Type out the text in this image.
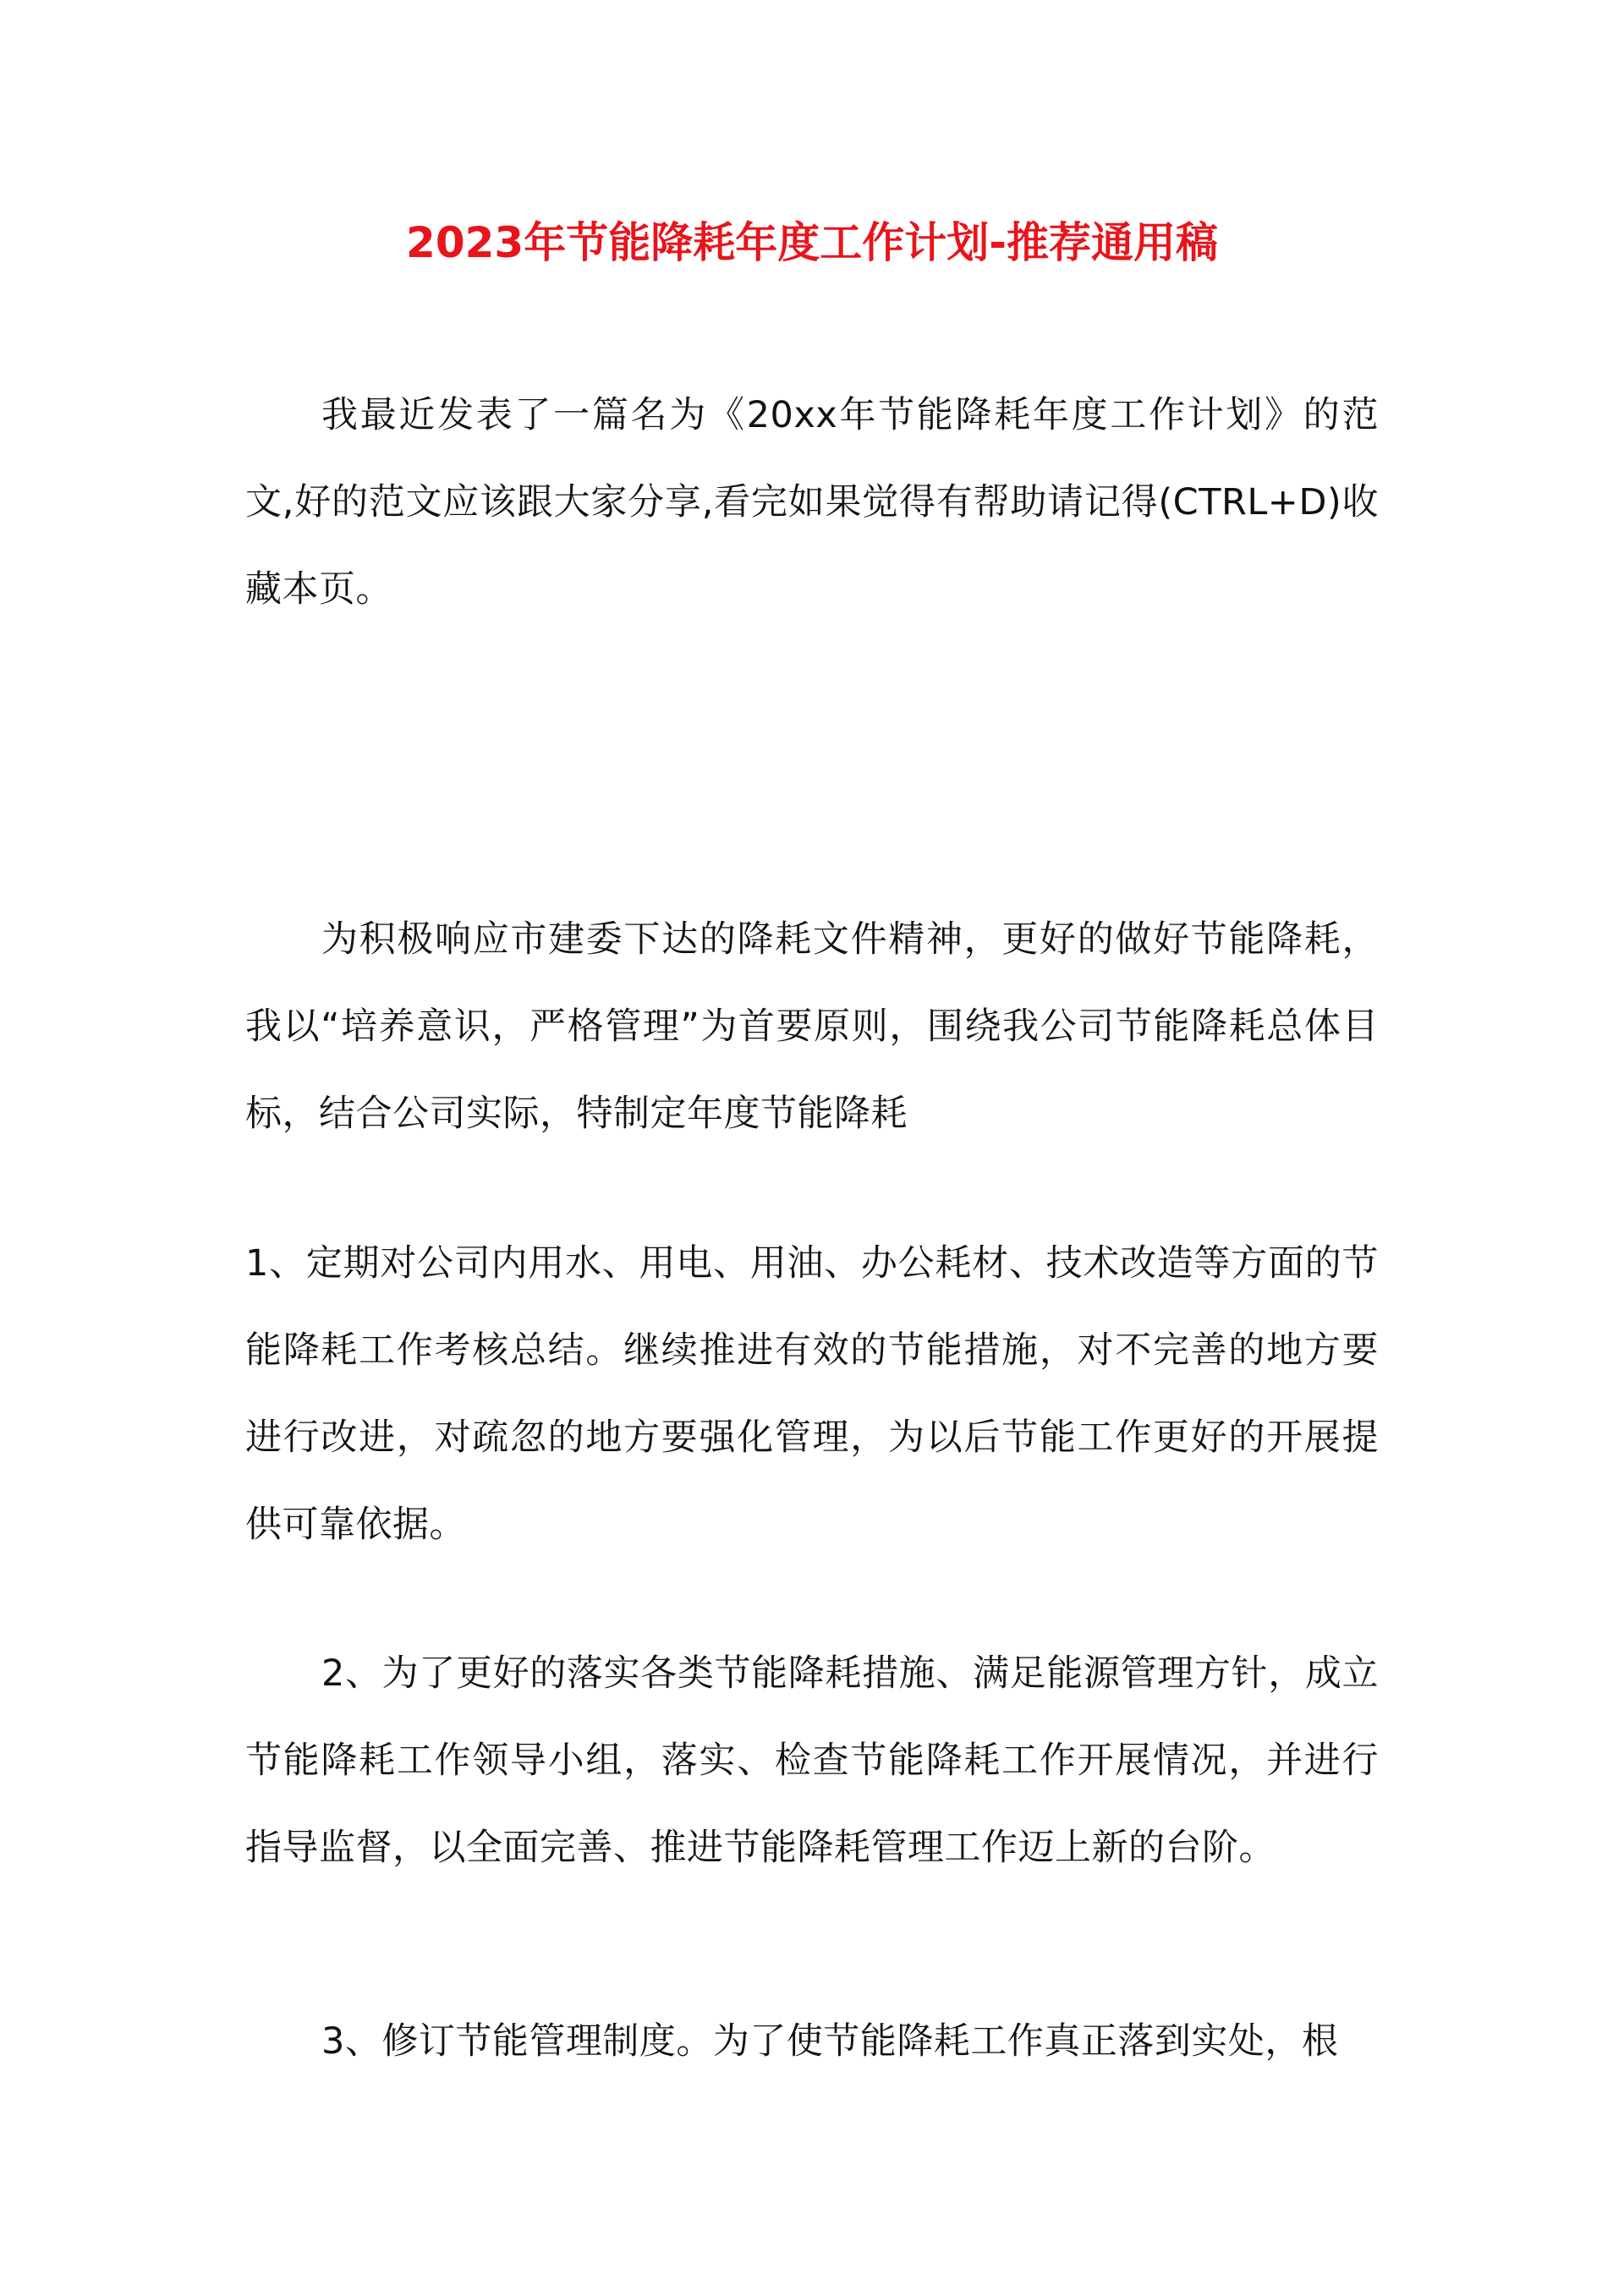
2023年节能降耗年度工作计划-推荐通用稿

我最近发表了一篇名为《20xx年节能降耗年度工作计划》的范文,好的范文应该跟大家分享,看完如果觉得有帮助请记得(CTRL+D)收藏本页。

为积极响应市建委下达的降耗文件精神，更好的做好节能降耗，我以“培养意识，严格管理”为首要原则，围绕我公司节能降耗总体目标，结合公司实际，特制定年度节能降耗

1、定期对公司内用水、用电、用油、办公耗材、技术改造等方面的节能降耗工作考核总结。继续推进有效的节能措施，对不完善的地方要进行改进，对疏忽的地方要强化管理，为以后节能工作更好的开展提供可靠依据。

2、为了更好的落实各类节能降耗措施、满足能源管理方针，成立节能降耗工作领导小组，落实、检查节能降耗工作开展情况，并进行指导监督，以全面完善、推进节能降耗管理工作迈上新的台阶。

3、修订节能管理制度。为了使节能降耗工作真正落到实处，根
